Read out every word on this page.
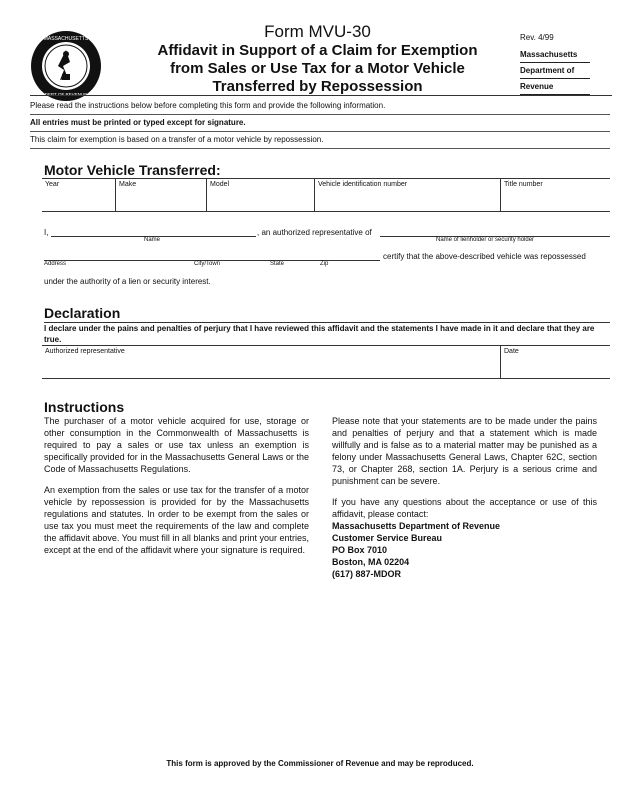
MASSACHUSETTS
DEPT OF REVENUE
Form MVU-30
Affidavit in Support of a Claim for Exemption
from Sales or Use Tax for a Motor Vehicle
Transferred by Repossession
Rev. 4/99
Massachusetts
Department of
Revenue
Please read the instructions below before completing this form and provide the following information.
All entries must be printed or typed except for signature.
This claim for exemption is based on a transfer of a motor vehicle by repossession.
Motor Vehicle Transferred:
Year	Make	Model	Vehicle identification number	Title number
I,	, an authorized representative of
Name	Name of lienholder or security holder
certify that the above-described vehicle was repossessed
Address	City/Town	State	Zip
under the authority of a lien or security interest.
Declaration
I declare under the pains and penalties of perjury that I have reviewed this affidavit and the statements I have made in it and declare that they are true.
Authorized representative	Date
Instructions

The purchaser of a motor vehicle acquired for use, storage or other consumption in the Commonwealth of Massachusetts is required to pay a sales or use tax unless an exemption is specifically provided for in the Massachusetts General Laws or the Code of Massachusetts Regulations.

An exemption from the sales or use tax for the transfer of a motor vehicle by repossession is provided for by the Massachusetts regulations and statutes. In order to be exempt from the sales or use tax you must meet the requirements of the law and complete the affidavit above. You must fill in all blanks and print your entries, except at the end of the affidavit where your signature is required.

Please note that your statements are to be made under the pains and penalties of perjury and that a statement which is made willfully and is false as to a material matter may be punished as a felony under Massachusetts General Laws, Chapter 62C, section 73, or Chapter 268, section 1A. Perjury is a serious crime and punishment can be severe.

If you have any questions about the acceptance or use of this affidavit, please contact:

Massachusetts Department of Revenue
Customer Service Bureau
PO Box 7010
Boston, MA 02204
(617) 887-MDOR
This form is approved by the Commissioner of Revenue and may be reproduced.
